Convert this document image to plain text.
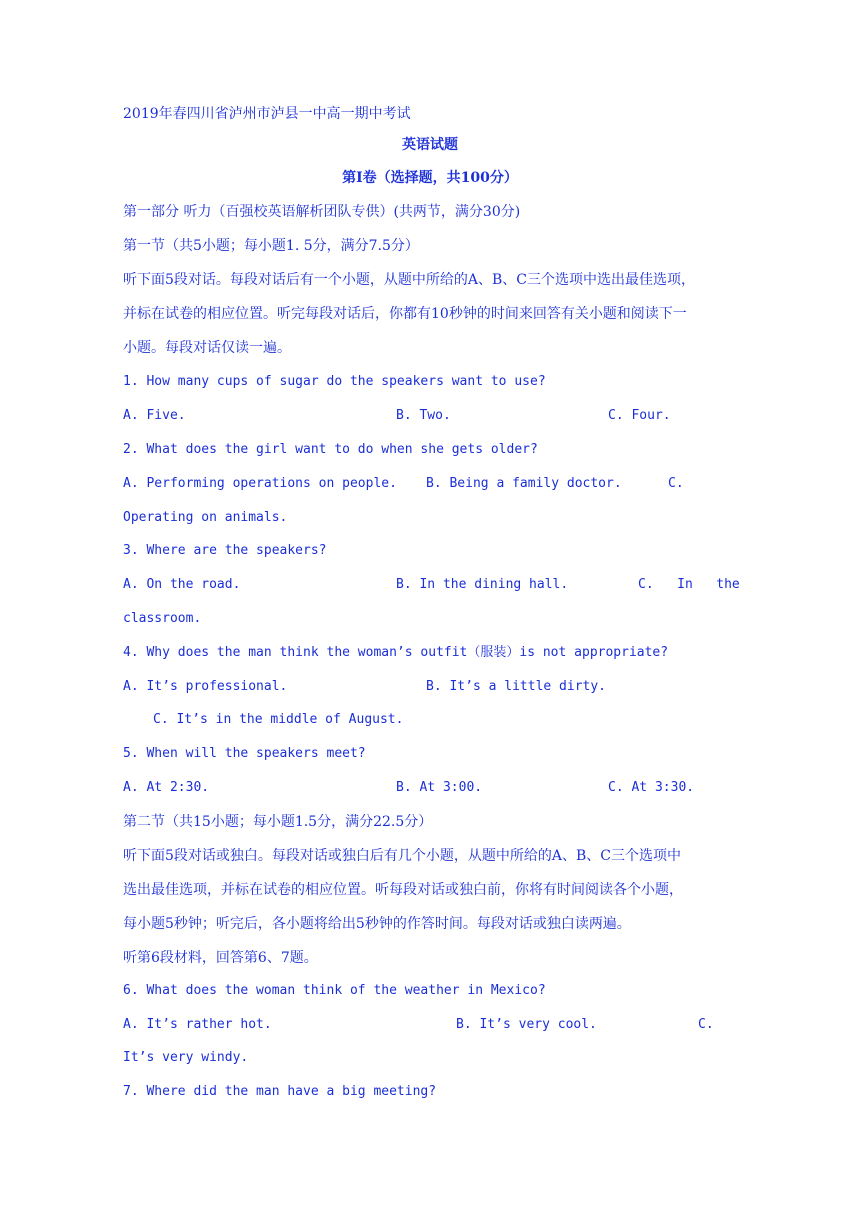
2019年春四川省泸州市泸县一中高一期中考试
英语试题
第Ⅰ卷（选择题，共100分）
第一部分 听力（百强校英语解析团队专供）(共两节，满分30分)
第一节（共5小题；每小题1. 5分，满分7.5分）
听下面5段对话。每段对话后有一个小题，从题中所给的A、B、C三个选项中选出最佳选项，
并标在试卷的相应位置。听完每段对话后，你都有10秒钟的时间来回答有关小题和阅读下一
小题。每段对话仅读一遍。
1. How many cups of sugar do the speakers want to use?
A. Five.	B. Two.	C. Four.
2. What does the girl want to do when she gets older?
A. Performing operations on people. B. Being a family doctor.	C.
Operating on animals.
3. Where are the speakers?
A. On the road.	B. In the dining hall.	C.   In   the
classroom.
4. Why does the man think the woman’s outfit（服装）is not appropriate?
A. It’s professional.	B. It’s a little dirty.
C. It’s in the middle of August.
5. When will the speakers meet?
A. At 2:30.	B. At 3:00.	C. At 3:30.
第二节（共15小题；每小题1.5分，满分22.5分）
听下面5段对话或独白。每段对话或独白后有几个小题，从题中所给的A、B、C三个选项中
选出最佳选项，并标在试卷的相应位置。听每段对话或独白前，你将有时间阅读各个小题，
每小题5秒钟；听完后，各小题将给出5秒钟的作答时间。每段对话或独白读两遍。
听第6段材料，回答第6、7题。
6. What does the woman think of the weather in Mexico?
A. It’s rather hot.	B. It’s very cool.	C.
It’s very windy.
7. Where did the man have a big meeting?
